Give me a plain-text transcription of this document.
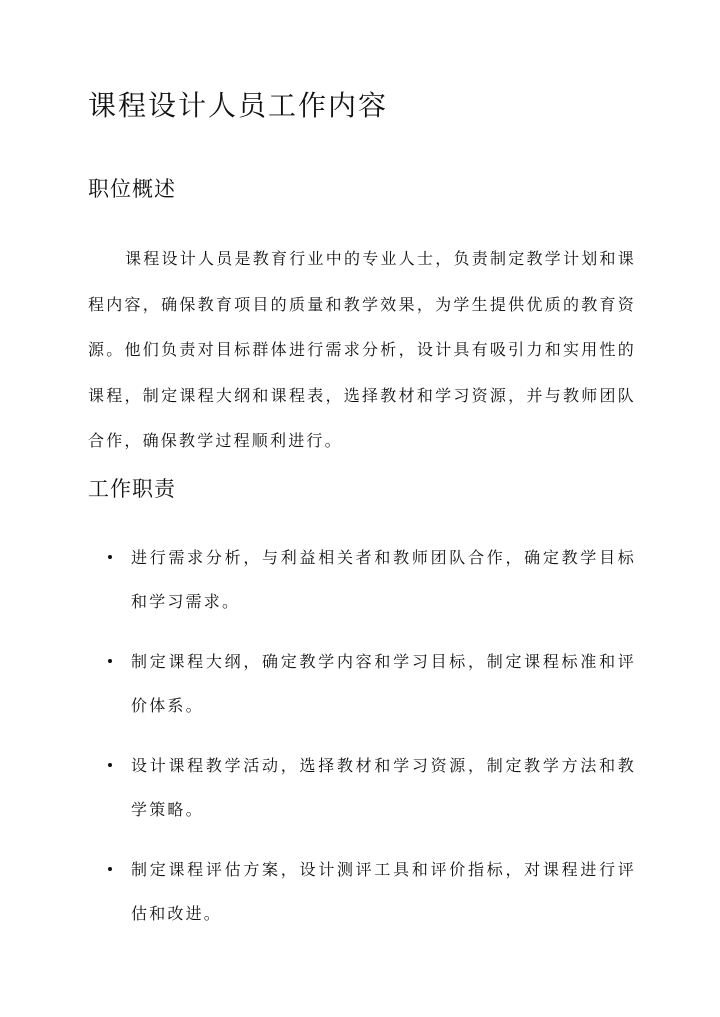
课程设计人员工作内容
职位概述

课程设计人员是教育行业中的专业人士，负责制定教学计划和课程内容，确保教育项目的质量和教学效果，为学生提供优质的教育资源。他们负责对目标群体进行需求分析，设计具有吸引力和实用性的课程，制定课程大纲和课程表，选择教材和学习资源，并与教师团队合作，确保教学过程顺利进行。

工作职责
进行需求分析，与利益相关者和教师团队合作，确定教学目标和学习需求。
制定课程大纲，确定教学内容和学习目标，制定课程标准和评价体系。
设计课程教学活动，选择教材和学习资源，制定教学方法和教学策略。
制定课程评估方案，设计测评工具和评价指标，对课程进行评估和改进。
